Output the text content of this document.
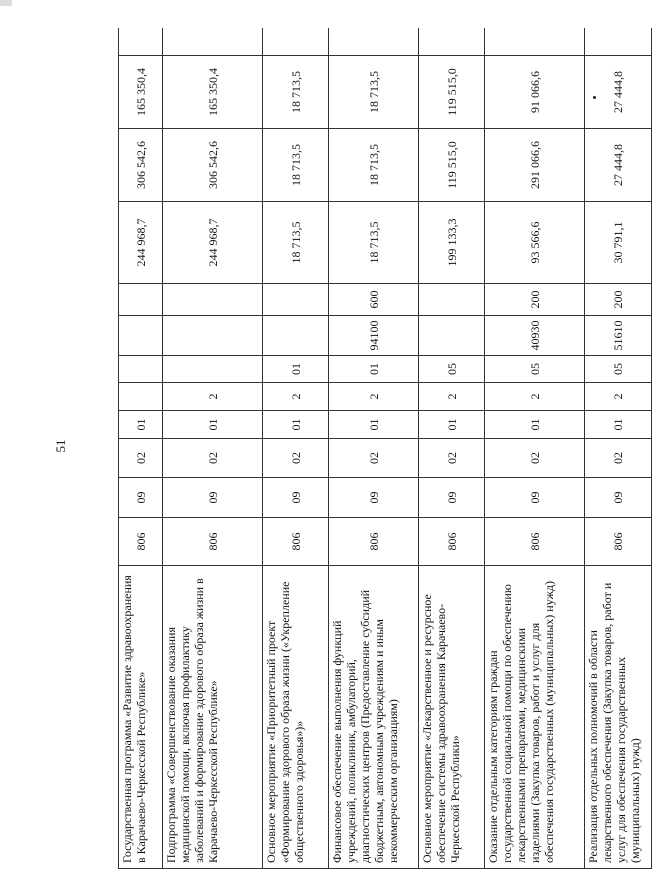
51
Государственная программа «Развитие здравоохранения в Карачаево-Черкесской Республике»
806
09
02
01
244 968,7
306 542,6
165 350,4
Подпрограмма «Совершенствование оказания медицинской помощи, включая профилактику заболеваний и формирование здорового образа жизни в Карачаево-Черкесской Республике»
806
09
02
01
2
244 968,7
306 542,6
165 350,4
Основное мероприятие «Приоритетный проект «Формирование здорового образа жизни («Укрепление общественного здоровья»)»
806
09
02
01
2
01
18 713,5
18 713,5
18 713,5
Финансовое обеспечение выполнения функций учреждений, поликлиник, амбулаторий, диагностических центров (Предоставление субсидий бюджетным, автономным учреждениям и иным некоммерческим организациям)
806
09
02
01
2
01
94100
600
18 713,5
18 713,5
18 713,5
Основное мероприятие «Лекарственное и ресурсное обеспечение системы здравоохранения Карачаево-Черкесской Республики»
806
09
02
01
2
05
199 133,3
119 515,0
119 515,0
Оказание отдельным категориям граждан государственной социальной помощи по обеспечению лекарственными препаратами, медицинскими изделиями (Закупка товаров, работ и услуг для обеспечения государственных (муниципальных) нужд)
806
09
02
01
2
05
40930
200
93 566,6
291 066,6
91 066,6
Реализация отдельных полномочий в области лекарственного обеспечения (Закупка товаров, работ и услуг для обеспечения государственных (муниципальных) нужд)
806
09
02
01
2
05
51610
200
30 791,1
27 444,8
27 444,8
